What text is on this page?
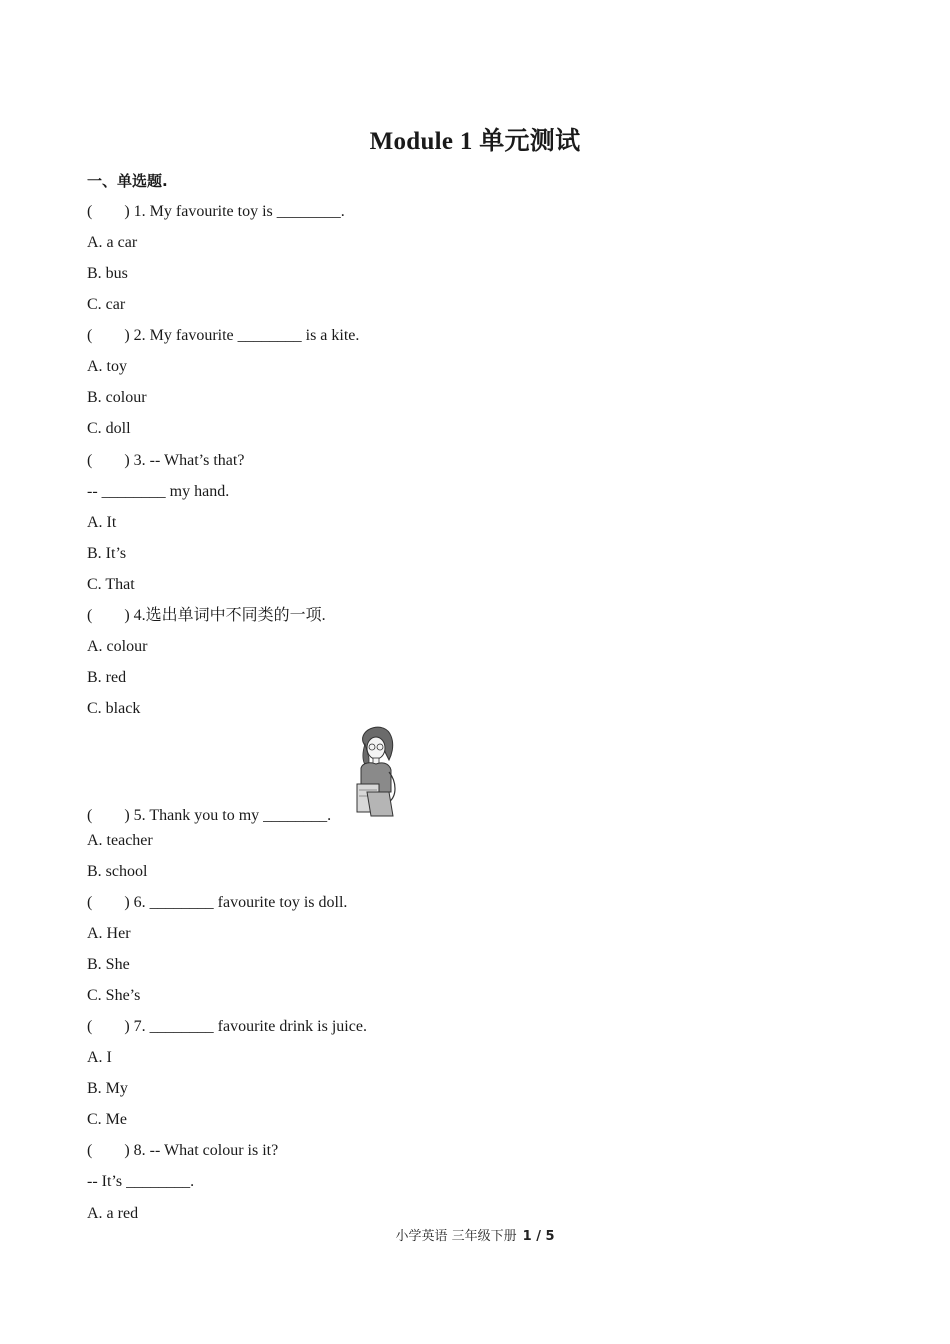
Module 1 单元测试
一、单选题.
(        ) 1. My favourite toy is ________.
A. a car
B. bus
C. car
(        ) 2. My favourite ________ is a kite.
A. toy
B. colour
C. doll
(        ) 3. -- What’s that?
-- ________ my hand.
A. It
B. It’s
C. That
(        ) 4.选出单词中不同类的一项.
A. colour
B. red
C. black
(        ) 5. Thank you to my ________.
A. teacher
B. school
(        ) 6. ________ favourite toy is doll.
A. Her
B. She
C. She’s
(        ) 7. ________ favourite drink is juice.
A. I
B. My
C. Me
(        ) 8. -- What colour is it?
-- It’s ________.
A. a red
小学英语 三年级下册 1 / 5
